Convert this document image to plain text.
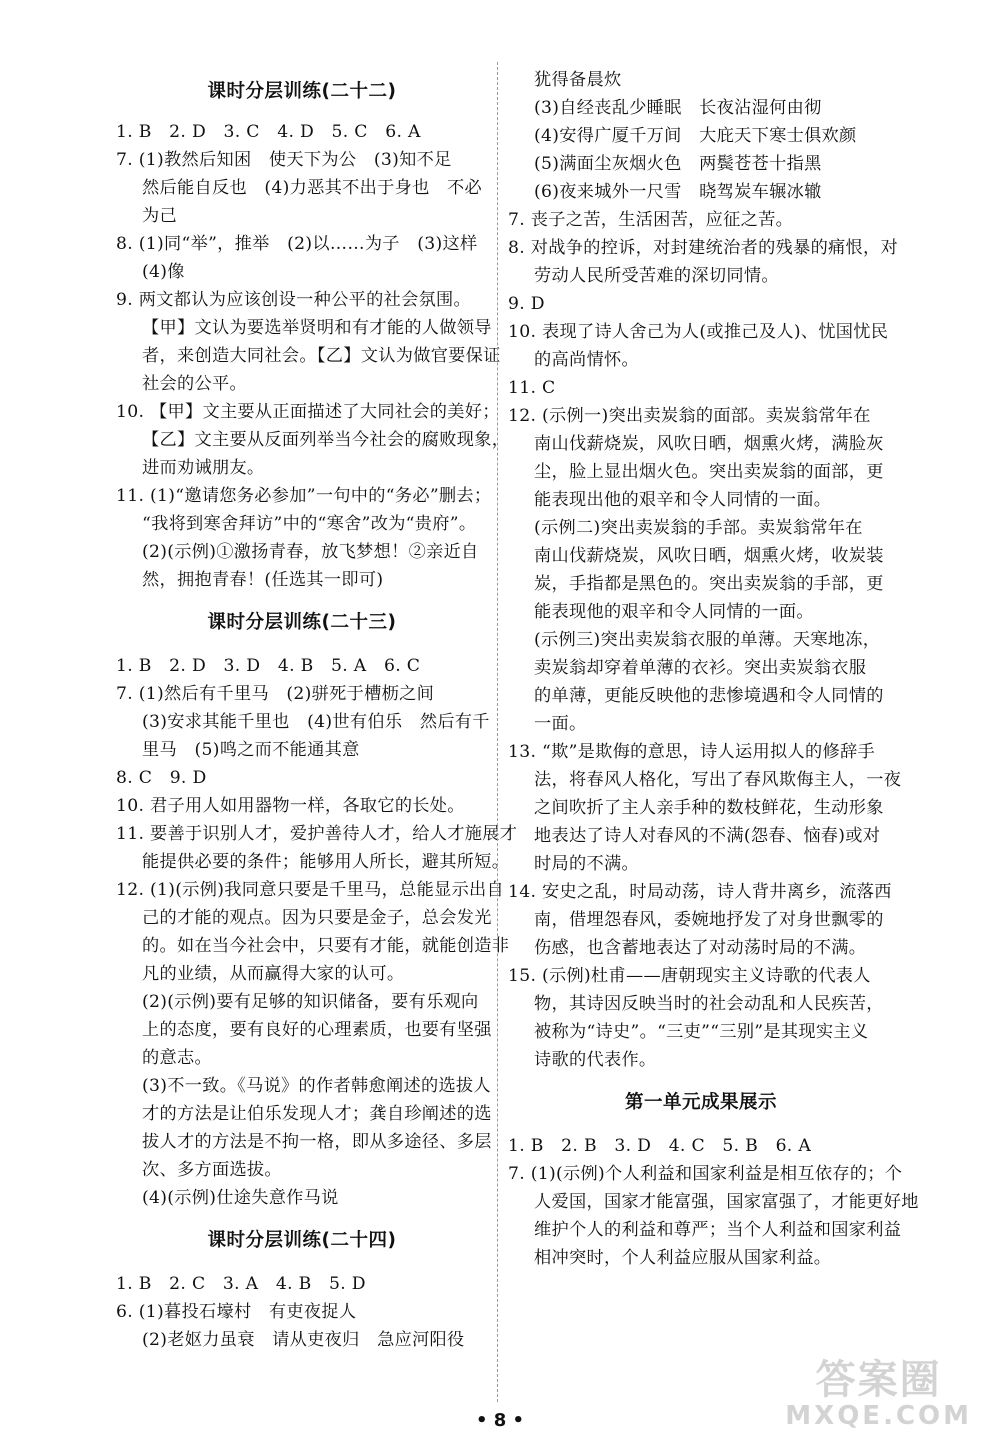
课时分层训练(二十二)
1. B　2. D　3. C　4. D　5. C　6. A
7. (1)教然后知困　使天下为公　(3)知不足
然后能自反也　(4)力恶其不出于身也　不必
为己
8. (1)同“举”，推举　(2)以……为子　(3)这样
(4)像
9. 两文都认为应该创设一种公平的社会氛围。
【甲】文认为要选举贤明和有才能的人做领导
者，来创造大同社会。【乙】文认为做官要保证
社会的公平。
10. 【甲】文主要从正面描述了大同社会的美好；
【乙】文主要从反面列举当今社会的腐败现象，
进而劝诫朋友。
11. (1)“邀请您务必参加”一句中的“务必”删去；
“我将到寒舍拜访”中的“寒舍”改为“贵府”。
(2)(示例)①激扬青春，放飞梦想！②亲近自
然，拥抱青春！(任选其一即可)
课时分层训练(二十三)
1. B　2. D　3. D　4. B　5. A　6. C
7. (1)然后有千里马　(2)骈死于槽枥之间
(3)安求其能千里也　(4)世有伯乐　然后有千
里马　(5)鸣之而不能通其意
8. C　9. D
10. 君子用人如用器物一样，各取它的长处。
11. 要善于识别人才，爱护善待人才，给人才施展才
能提供必要的条件；能够用人所长，避其所短。
12. (1)(示例)我同意只要是千里马，总能显示出自
己的才能的观点。因为只要是金子，总会发光
的。如在当今社会中，只要有才能，就能创造非
凡的业绩，从而赢得大家的认可。
(2)(示例)要有足够的知识储备，要有乐观向
上的态度，要有良好的心理素质，也要有坚强
的意志。
(3)不一致。《马说》的作者韩愈阐述的选拔人
才的方法是让伯乐发现人才；龚自珍阐述的选
拔人才的方法是不拘一格，即从多途径、多层
次、多方面选拔。
(4)(示例)仕途失意作马说
课时分层训练(二十四)
1. B　2. C　3. A　4. B　5. D
6. (1)暮投石壕村　有吏夜捉人
(2)老妪力虽衰　请从吏夜归　急应河阳役
犹得备晨炊
(3)自经丧乱少睡眠　长夜沾湿何由彻
(4)安得广厦千万间　大庇天下寒士俱欢颜
(5)满面尘灰烟火色　两鬓苍苍十指黑
(6)夜来城外一尺雪　晓驾炭车辗冰辙
7. 丧子之苦，生活困苦，应征之苦。
8. 对战争的控诉，对封建统治者的残暴的痛恨，对
劳动人民所受苦难的深切同情。
9. D
10. 表现了诗人舍己为人(或推己及人)、忧国忧民
的高尚情怀。
11. C
12. (示例一)突出卖炭翁的面部。卖炭翁常年在
南山伐薪烧炭，风吹日晒，烟熏火烤，满脸灰
尘，脸上显出烟火色。突出卖炭翁的面部，更
能表现出他的艰辛和令人同情的一面。
(示例二)突出卖炭翁的手部。卖炭翁常年在
南山伐薪烧炭，风吹日晒，烟熏火烤，收炭装
炭，手指都是黑色的。突出卖炭翁的手部，更
能表现他的艰辛和令人同情的一面。
(示例三)突出卖炭翁衣服的单薄。天寒地冻，
卖炭翁却穿着单薄的衣衫。突出卖炭翁衣服
的单薄，更能反映他的悲惨境遇和令人同情的
一面。
13. “欺”是欺侮的意思，诗人运用拟人的修辞手
法，将春风人格化，写出了春风欺侮主人，一夜
之间吹折了主人亲手种的数枝鲜花，生动形象
地表达了诗人对春风的不满(怨春、恼春)或对
时局的不满。
14. 安史之乱，时局动荡，诗人背井离乡，流落西
南，借埋怨春风，委婉地抒发了对身世飘零的
伤感，也含蓄地表达了对动荡时局的不满。
15. (示例)杜甫——唐朝现实主义诗歌的代表人
物，其诗因反映当时的社会动乱和人民疾苦，
被称为“诗史”。“三吏”“三别”是其现实主义
诗歌的代表作。
第一单元成果展示
1. B　2. B　3. D　4. C　5. B　6. A
7. (1)(示例)个人利益和国家利益是相互依存的；个
人爱国，国家才能富强，国家富强了，才能更好地
维护个人的利益和尊严；当个人利益和国家利益
相冲突时，个人利益应服从国家利益。
• 8 •
答案圈
MXQE.COM
